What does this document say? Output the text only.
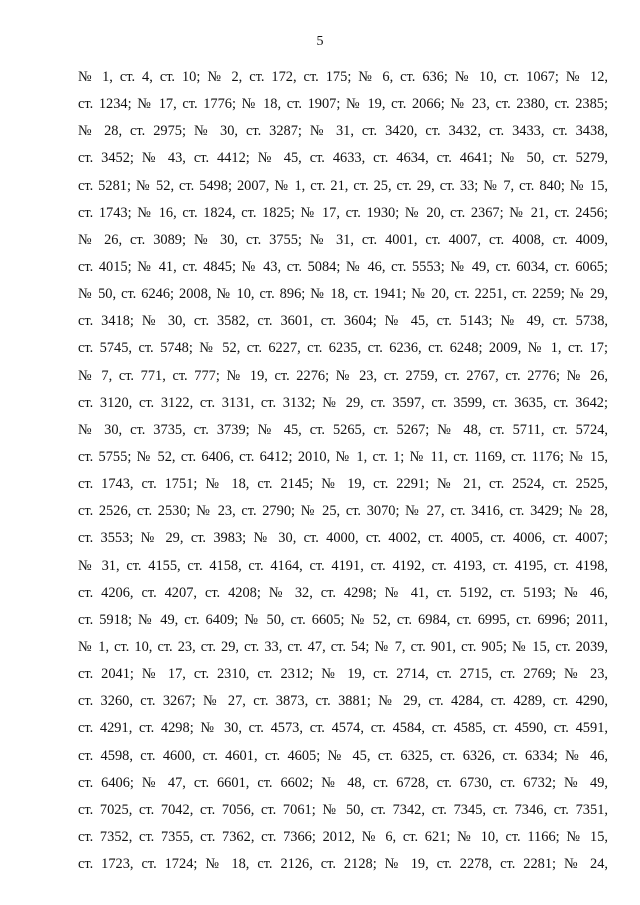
5
№ 1, ст. 4, ст. 10; № 2, ст. 172, ст. 175; № 6, ст. 636; № 10, ст. 1067; № 12,
ст. 1234; № 17, ст. 1776; № 18, ст. 1907; № 19, ст. 2066; № 23, ст. 2380, ст. 2385;
№ 28, ст. 2975; № 30, ст. 3287; № 31, ст. 3420, ст. 3432, ст. 3433, ст. 3438,
ст. 3452; № 43, ст. 4412; № 45, ст. 4633, ст. 4634, ст. 4641; № 50, ст. 5279,
ст. 5281; № 52, ст. 5498; 2007, № 1, ст. 21, ст. 25, ст. 29, ст. 33; № 7, ст. 840; № 15,
ст. 1743; № 16, ст. 1824, ст. 1825; № 17, ст. 1930; № 20, ст. 2367; № 21, ст. 2456;
№ 26, ст. 3089; № 30, ст. 3755; № 31, ст. 4001, ст. 4007, ст. 4008, ст. 4009,
ст. 4015; № 41, ст. 4845; № 43, ст. 5084; № 46, ст. 5553; № 49, ст. 6034, ст. 6065;
№ 50, ст. 6246; 2008, № 10, ст. 896; № 18, ст. 1941; № 20, ст. 2251, ст. 2259; № 29,
ст. 3418; № 30, ст. 3582, ст. 3601, ст. 3604; № 45, ст. 5143; № 49, ст. 5738,
ст. 5745, ст. 5748; № 52, ст. 6227, ст. 6235, ст. 6236, ст. 6248; 2009, № 1, ст. 17;
№ 7, ст. 771, ст. 777; № 19, ст. 2276; № 23, ст. 2759, ст. 2767, ст. 2776; № 26,
ст. 3120, ст. 3122, ст. 3131, ст. 3132; № 29, ст. 3597, ст. 3599, ст. 3635, ст. 3642;
№ 30, ст. 3735, ст. 3739; № 45, ст. 5265, ст. 5267; № 48, ст. 5711, ст. 5724,
ст. 5755; № 52, ст. 6406, ст. 6412; 2010, № 1, ст. 1; № 11, ст. 1169, ст. 1176; № 15,
ст. 1743, ст. 1751; № 18, ст. 2145; № 19, ст. 2291; № 21, ст. 2524, ст. 2525,
ст. 2526, ст. 2530; № 23, ст. 2790; № 25, ст. 3070; № 27, ст. 3416, ст. 3429; № 28,
ст. 3553; № 29, ст. 3983; № 30, ст. 4000, ст. 4002, ст. 4005, ст. 4006, ст. 4007;
№ 31, ст. 4155, ст. 4158, ст. 4164, ст. 4191, ст. 4192, ст. 4193, ст. 4195, ст. 4198,
ст. 4206, ст. 4207, ст. 4208; № 32, ст. 4298; № 41, ст. 5192, ст. 5193; № 46,
ст. 5918; № 49, ст. 6409; № 50, ст. 6605; № 52, ст. 6984, ст. 6995, ст. 6996; 2011,
№ 1, ст. 10, ст. 23, ст. 29, ст. 33, ст. 47, ст. 54; № 7, ст. 901, ст. 905; № 15, ст. 2039,
ст. 2041; № 17, ст. 2310, ст. 2312; № 19, ст. 2714, ст. 2715, ст. 2769; № 23,
ст. 3260, ст. 3267; № 27, ст. 3873, ст. 3881; № 29, ст. 4284, ст. 4289, ст. 4290,
ст. 4291, ст. 4298; № 30, ст. 4573, ст. 4574, ст. 4584, ст. 4585, ст. 4590, ст. 4591,
ст. 4598, ст. 4600, ст. 4601, ст. 4605; № 45, ст. 6325, ст. 6326, ст. 6334; № 46,
ст. 6406; № 47, ст. 6601, ст. 6602; № 48, ст. 6728, ст. 6730, ст. 6732; № 49,
ст. 7025, ст. 7042, ст. 7056, ст. 7061; № 50, ст. 7342, ст. 7345, ст. 7346, ст. 7351,
ст. 7352, ст. 7355, ст. 7362, ст. 7366; 2012, № 6, ст. 621; № 10, ст. 1166; № 15,
ст. 1723, ст. 1724; № 18, ст. 2126, ст. 2128; № 19, ст. 2278, ст. 2281; № 24,
